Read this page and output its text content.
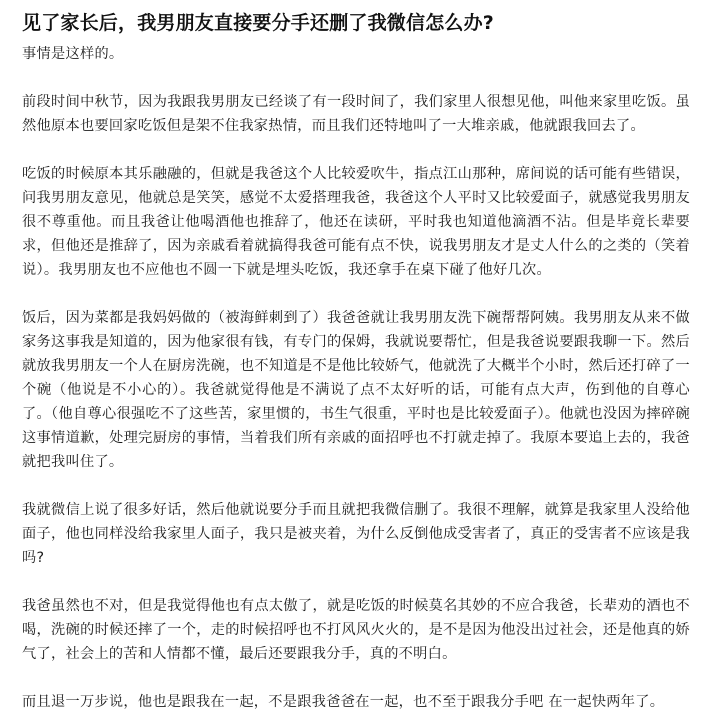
见了家长后，我男朋友直接要分手还删了我微信怎么办?

事情是这样的。

前段时间中秋节，因为我跟我男朋友已经谈了有一段时间了，我们家里人很想见他，叫他来家里吃饭。虽然他原本也要回家吃饭但是架不住我家热情，而且我们还特地叫了一大堆亲戚，他就跟我回去了。

吃饭的时候原本其乐融融的，但就是我爸这个人比较爱吹牛，指点江山那种，席间说的话可能有些错误，问我男朋友意见，他就总是笑笑，感觉不太爱搭理我爸，我爸这个人平时又比较爱面子，就感觉我男朋友很不尊重他。而且我爸让他喝酒他也推辞了，他还在读研，平时我也知道他滴酒不沾。但是毕竟长辈要求，但他还是推辞了，因为亲戚看着就搞得我爸可能有点不快，说我男朋友才是丈人什么的之类的（笑着说）。我男朋友也不应他也不圆一下就是埋头吃饭，我还拿手在桌下碰了他好几次。

饭后，因为菜都是我妈妈做的（被海鲜刺到了）我爸爸就让我男朋友洗下碗帮帮阿姨。我男朋友从来不做家务这事我是知道的，因为他家很有钱，有专门的保姆，我就说要帮忙，但是我爸说要跟我聊一下。然后就放我男朋友一个人在厨房洗碗，也不知道是不是他比较娇气，他就洗了大概半个小时，然后还打碎了一个碗（他说是不小心的）。我爸就觉得他是不满说了点不太好听的话，可能有点大声，伤到他的自尊心了。（他自尊心很强吃不了这些苦，家里惯的，书生气很重，平时也是比较爱面子）。他就也没因为摔碎碗这事情道歉，处理完厨房的事情，当着我们所有亲戚的面招呼也不打就走掉了。我原本要追上去的，我爸就把我叫住了。

我就微信上说了很多好话，然后他就说要分手而且就把我微信删了。我很不理解，就算是我家里人没给他面子，他也同样没给我家里人面子，我只是被夹着，为什么反倒他成受害者了，真正的受害者不应该是我吗?

我爸虽然也不对，但是我觉得他也有点太傲了，就是吃饭的时候莫名其妙的不应合我爸，长辈劝的酒也不喝，洗碗的时候还摔了一个，走的时候招呼也不打风风火火的，是不是因为他没出过社会，还是他真的娇气了，社会上的苦和人情都不懂，最后还要跟我分手，真的不明白。

而且退一万步说，他也是跟我在一起，不是跟我爸爸在一起，也不至于跟我分手吧 在一起快两年了。
